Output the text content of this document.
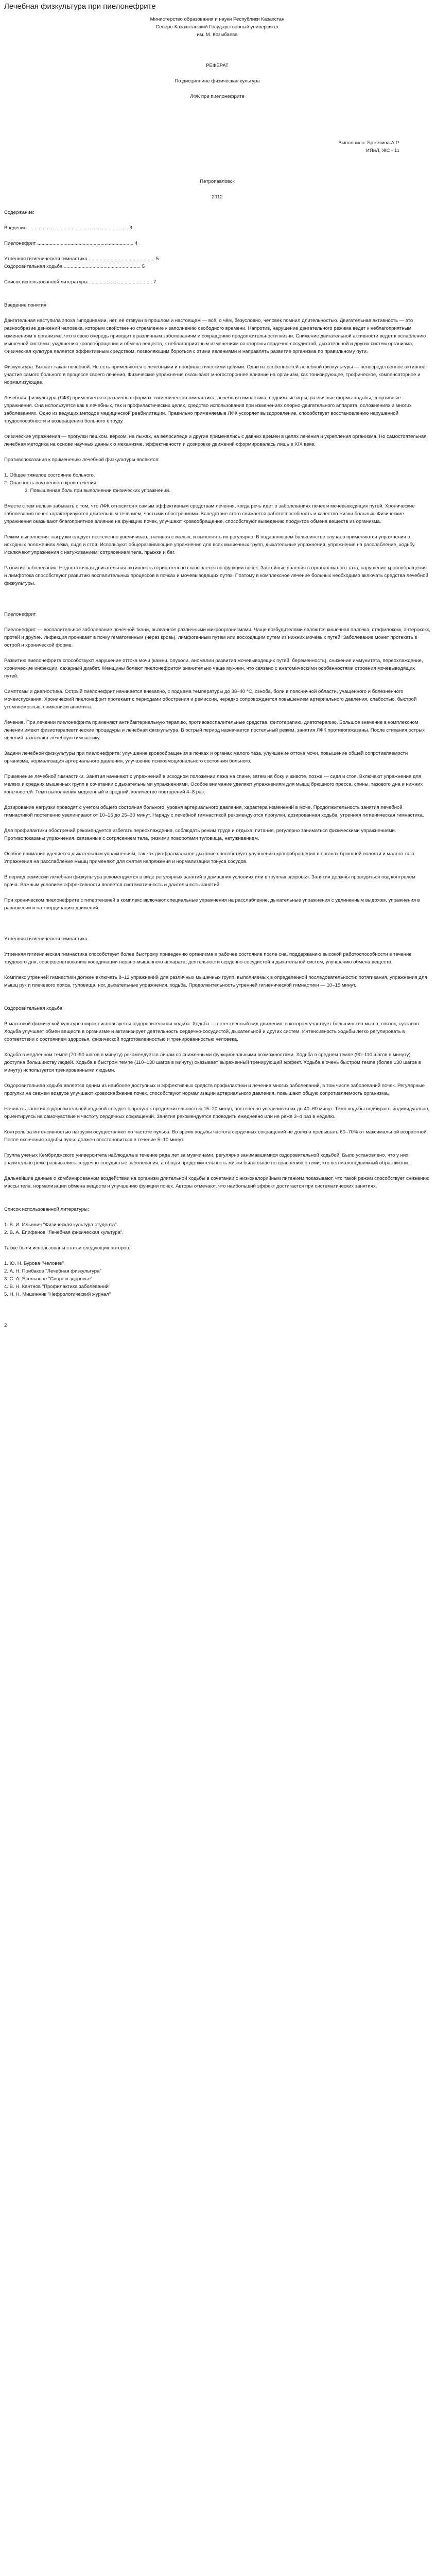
Лечебная физкультура при пиелонефрите
Министерство образования и науки Республики Казахстан
Северо-Казахстанский Государственный университет
им. М. Козыбаева
РЕФЕРАТ
По дисциплине физическая культура
ЛФК при пиелонефрите
Выполнила: Бржезина А.Р.
ИЯиЛ, ЖС - 11
Петропавловск
2012

Содержание:

Введение ......................................................................... 3
Пиелонефрит ...................................................................... 4
Утренняя гигиеническая гимнастика ................................................ 5
Оздоровительная ходьба ........................................................ 5
Список использованной литературы .............................................. 7

Введение понятия

Двигательная наступила эпоха гиподинамии, нет, её отзвуки в прошлом и настоящем — всё, о чём, безусловно, человек помнил длительностью. Двигательная активность — это разнообразие движений человека, которым свойственно стремление к заполнению свободного времени. Напротив, нарушение двигательного режима ведет к неблагоприятным изменениям в организме, что в свою очередь приводит к различным заболеваниям и сокращению продолжительности жизни. Снижение двигательной активности ведет к ослаблению мышечной системы, ухудшению кровообращения и обмена веществ, к неблагоприятным изменениям со стороны сердечно-сосудистой, дыхательной и других систем организма. Физическая культура является эффективным средством, позволяющим бороться с этими явлениями и направлять развитие организма по правильному пути.

Физкультура. Бывает такая лечебной. Не есть применяются с лечебными и профилактическими целями. Одни из особенностей лечебной физкультуры — непосредственное активное участие самого больного в процессе своего лечения. Физические упражнения оказывают многостороннее влияние на организм, как тонизирующее, трофическое, компенсаторное и нормализующее.

Лечебная физкультура (ЛФК) применяется в различных формах: гигиеническая гимнастика, лечебная гимнастика, подвижные игры, различные формы ходьбы, спортивные упражнения. Она используется как в лечебных, так и профилактических целях, средство использования при изменениях опорно-двигательного аппарата, осложнениях и многих заболеваниях. Одно из ведущих методов медицинской реабилитации. Правильно применяемые ЛФК ускоряет выздоровление, способствует восстановлению нарушенной трудоспособности и возвращению больного к труду.

Физические упражнения — прогулки пешком, верхом, на лыжах, на велосипеде и другие применялись с давних времен в целях лечения и укрепления организма. Но самостоятельная лечебная методика на основе научных данных о механизме, эффективности и дозировке движений сформировалась лишь в XIX веке.

Противопоказания к применению лечебной физкультуры являются:

1. Общее тяжелое состояние больного.
2. Опасность внутреннего кровотечения.
3. Повышенная боль при выполнении физических упражнений.

Вместе с тем нельзя забывать о том, что ЛФК относится к самым эффективным средствам лечения, когда речь идет о заболеваниях почек и мочевыводящих путей. Хронические заболевания почек характеризуются длительным течением, частыми обострениями. Вследствие этого снижается работоспособность и качество жизни больных. Физические упражнения оказывают благоприятное влияние на функцию почек, улучшают кровообращение, способствуют выведению продуктов обмена веществ из организма.

Режим выполнения: нагрузки следует постепенно увеличивать, начиная с малых, и выполнять их регулярно. В подавляющем большинстве случаев применяются упражнения в исходных положениях лежа, сидя и стоя. Используют общеразвивающие упражнения для всех мышечных групп, дыхательные упражнения, упражнения на расслабление, ходьбу. Исключают упражнения с натуживанием, сотрясением тела, прыжки и бег.

Развитие заболевания. Недостаточная двигательная активность отрицательно сказывается на функции почек. Застойные явления в органах малого таза, нарушение кровообращения и лимфотока способствуют развитию воспалительных процессов в почках и мочевыводящих путях. Поэтому в комплексное лечение больных необходимо включать средства лечебной физкультуры.

Пиелонефрит

Пиелонефрит — воспалительное заболевание почечной ткани, вызванное различными микроорганизмами. Чаще возбудителями являются кишечная палочка, стафилококк, энтерококк, протей и другие. Инфекция проникает в почку гематогенным (через кровь), лимфогенным путем или восходящим путем из нижних мочевых путей. Заболевание может протекать в острой и хронической форме.

Развитию пиелонефрита способствуют нарушение оттока мочи (камни, опухоли, аномалии развития мочевыводящих путей, беременность), снижение иммунитета, переохлаждение, хронические инфекции, сахарный диабет. Женщины болеют пиелонефритом значительно чаще мужчин, что связано с анатомическими особенностями строения мочевыводящих путей.

Симптомы и диагностика. Острый пиелонефрит начинается внезапно, с подъема температуры до 38–40 °С, озноба, боли в поясничной области, учащенного и болезненного мочеиспускания. Хронический пиелонефрит протекает с периодами обострения и ремиссии, нередко сопровождается повышением артериального давления, слабостью, быстрой утомляемостью, снижением аппетита.

Лечение. При лечении пиелонефрита применяют антибактериальную терапию, противовоспалительные средства, фитотерапию, диетотерапию. Большое значение в комплексном лечении имеют физиотерапевтические процедуры и лечебная физкультура. В острый период назначается постельный режим, занятия ЛФК противопоказаны. После стихания острых явлений назначают лечебную гимнастику.

Задачи лечебной физкультуры при пиелонефрите: улучшение кровообращения в почках и органах малого таза, улучшение оттока мочи, повышение общей сопротивляемости организма, нормализация артериального давления, улучшение психоэмоционального состояния больного.

Применение лечебной гимнастики. Занятия начинают с упражнений в исходном положении лежа на спине, затем на боку и животе, позже — сидя и стоя. Включают упражнения для мелких и средних мышечных групп в сочетании с дыхательными упражнениями. Особое внимание уделяют упражнениям для мышц брюшного пресса, спины, тазового дна и нижних конечностей. Темп выполнения медленный и средний, количество повторений 4–8 раз.

Дозирование нагрузки проводят с учетом общего состояния больного, уровня артериального давления, характера изменений в моче. Продолжительность занятия лечебной гимнастикой постепенно увеличивают от 10–15 до 25–30 минут. Наряду с лечебной гимнастикой рекомендуются прогулки, дозированная ходьба, утренняя гигиеническая гимнастика.

Для профилактики обострений рекомендуется избегать переохлаждения, соблюдать режим труда и отдыха, питания, регулярно заниматься физическими упражнениями. Противопоказаны упражнения, связанные с сотрясением тела, резкими поворотами туловища, натуживанием.

Особое внимание уделяется дыхательным упражнениям, так как диафрагмальное дыхание способствует улучшению кровообращения в органах брюшной полости и малого таза. Упражнения на расслабление мышц применяют для снятия напряжения и нормализации тонуса сосудов.

В период ремиссии лечебная физкультура рекомендуется в виде регулярных занятий в домашних условиях или в группах здоровья. Занятия должны проводиться под контролем врача. Важным условием эффективности является систематичность и длительность занятий.

При хроническом пиелонефрите с гипертензией в комплекс включают специальные упражнения на расслабление, дыхательные упражнения с удлиненным выдохом, упражнения в равновесии и на координацию движений.

Утренняя гигиеническая гимнастика

Утренняя гигиеническая гимнастика способствует более быстрому приведению организма в рабочее состояние после сна, поддержанию высокой работоспособности в течение трудового дня, совершенствованию координации нервно-мышечного аппарата, деятельности сердечно-сосудистой и дыхательной систем, улучшению обмена веществ.

Комплекс утренней гимнастики должен включать 8–12 упражнений для различных мышечных групп, выполняемых в определенной последовательности: потягивания, упражнения для мышц рук и плечевого пояса, туловища, ног, дыхательные упражнения, ходьба. Продолжительность утренней гигиенической гимнастики — 10–15 минут.

Оздоровительная ходьба

В массовой физической культуре широко используется оздоровительная ходьба. Ходьба — естественный вид движения, в котором участвует большинство мышц, связок, суставов. Ходьба улучшает обмен веществ в организме и активизирует деятельность сердечно-сосудистой, дыхательной и других систем. Интенсивность ходьбы легко регулировать в соответствии с состоянием здоровья, физической подготовленностью и тренированностью человека.

Ходьба в медленном темпе (70–90 шагов в минуту) рекомендуется лицам со сниженными функциональными возможностями. Ходьба в среднем темпе (90–110 шагов в минуту) доступна большинству людей. Ходьба в быстром темпе (110–130 шагов в минуту) оказывает выраженный тренирующий эффект. Ходьба в очень быстром темпе (более 130 шагов в минуту) используется тренированными людьми.

Оздоровительная ходьба является одним из наиболее доступных и эффективных средств профилактики и лечения многих заболеваний, в том числе заболеваний почек. Регулярные прогулки на свежем воздухе улучшают кровоснабжение почек, способствуют нормализации артериального давления, повышают общую сопротивляемость организма.

Начинать занятия оздоровительной ходьбой следует с прогулок продолжительностью 15–20 минут, постепенно увеличивая их до 40–60 минут. Темп ходьбы подбирают индивидуально, ориентируясь на самочувствие и частоту сердечных сокращений. Занятия рекомендуется проводить ежедневно или не реже 3–4 раз в неделю.

Контроль за интенсивностью нагрузки осуществляют по частоте пульса. Во время ходьбы частота сердечных сокращений не должна превышать 60–70% от максимальной возрастной. После окончания ходьбы пульс должен восстановиться в течение 5–10 минут.

Группа ученых Кембриджского университета наблюдала в течение ряда лет за мужчинами, регулярно занимавшимися оздоровительной ходьбой. Было установлено, что у них значительно реже развивались сердечно-сосудистые заболевания, а общая продолжительность жизни была выше по сравнению с теми, кто вел малоподвижный образ жизни.

Дальнейшие данные о комбинированном воздействии на организм длительной ходьбы в сочетании с низкокалорийным питанием показывают, что такой режим способствует снижению массы тела, нормализации обмена веществ и улучшению функции почек. Авторы отмечают, что наибольший эффект достигается при систематических занятиях.

Список использованной литературы:

1. В. И. Ильинич "Физическая культура студента".
2. В. А. Епифанов "Лечебная физическая культура".

Также были использованы статьи следующих авторов:

1. Ю. Н. Бурова "Человек"
2. А. Н. Прибаков "Лечебная физкультура"
3. С. А. Ясольвоне "Спорт и здоровье"
4. В. Н. Кантнов "Профилактика заболеваний"
5. Н. Н. Мишинник "Нефрологический журнал"
2
